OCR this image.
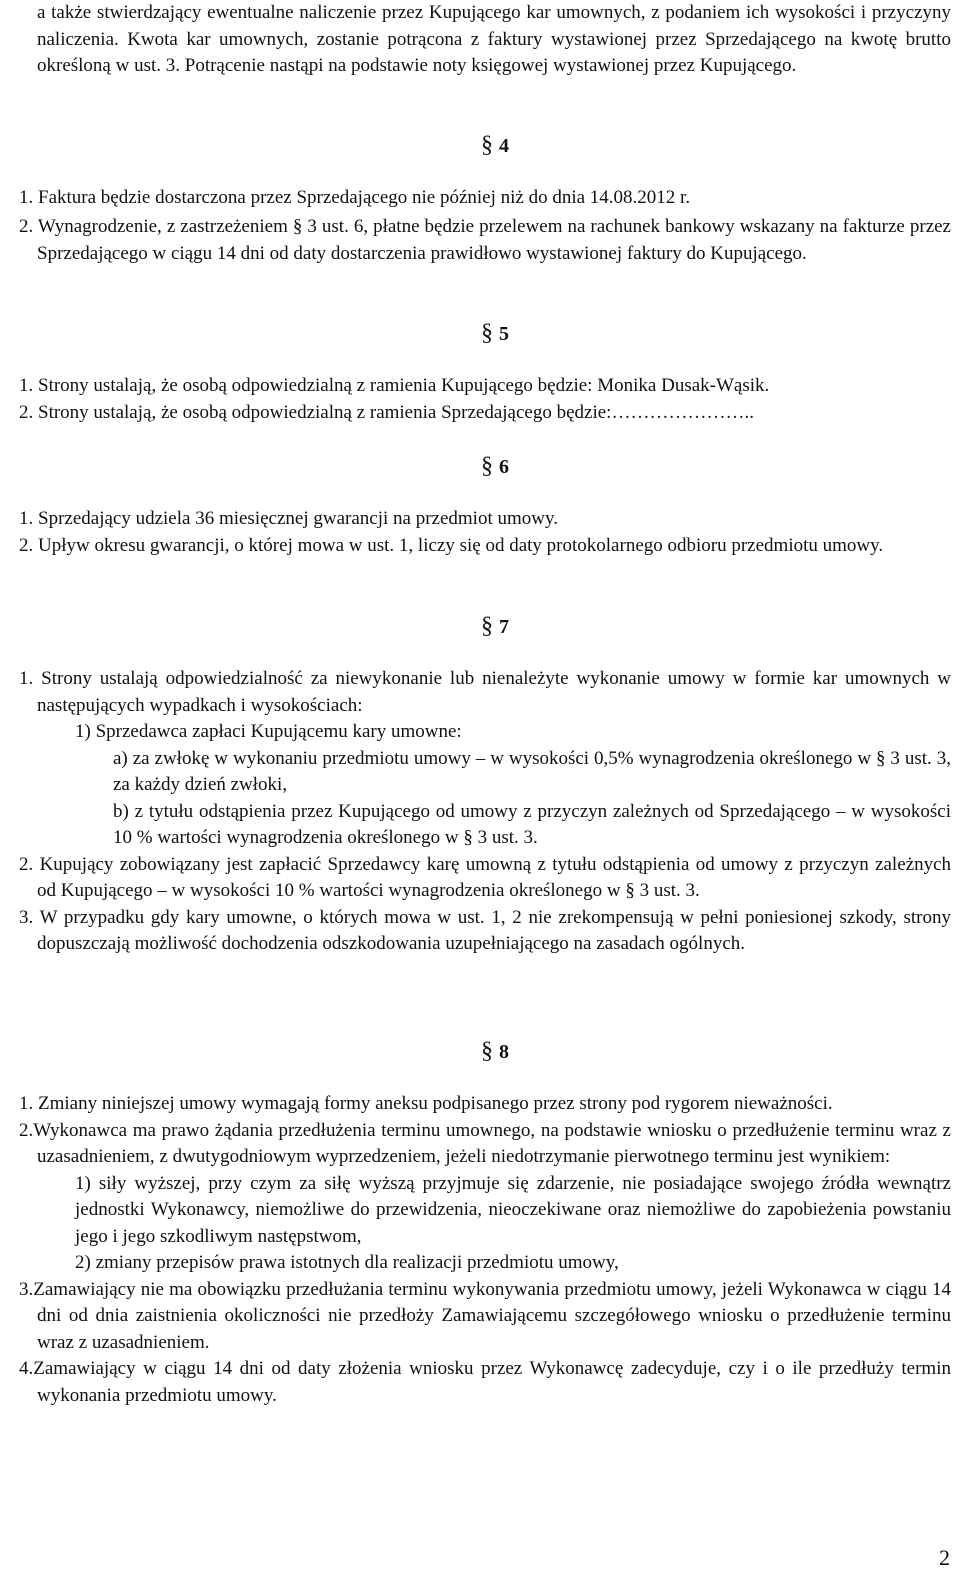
a także stwierdzający ewentualne naliczenie przez Kupującego kar umownych, z podaniem ich wysokości i przyczyny naliczenia. Kwota kar umownych, zostanie potrącona z faktury wystawionej przez Sprzedającego na kwotę brutto określoną w ust. 3. Potrącenie nastąpi na podstawie noty księgowej wystawionej przez Kupującego.

§ 4

1. Faktura będzie dostarczona przez Sprzedającego nie później niż do dnia 14.08.2012 r.

2. Wynagrodzenie, z zastrzeżeniem § 3 ust. 6, płatne będzie przelewem na rachunek bankowy wskazany na fakturze przez Sprzedającego w ciągu 14 dni od daty dostarczenia prawidłowo wystawionej faktury do Kupującego.

§ 5

1. Strony ustalają, że osobą odpowiedzialną z ramienia Kupującego będzie: Monika Dusak-Wąsik.

2. Strony ustalają, że osobą odpowiedzialną z ramienia Sprzedającego będzie:…………………..

§ 6

1. Sprzedający udziela 36 miesięcznej gwarancji na przedmiot umowy.

2. Upływ okresu gwarancji, o której mowa w ust. 1, liczy się od daty protokolarnego odbioru przedmiotu umowy.

§ 7

1. Strony ustalają odpowiedzialność za niewykonanie lub nienależyte wykonanie umowy w formie kar umownych w następujących wypadkach i wysokościach:

1) Sprzedawca zapłaci Kupującemu kary umowne:

a) za zwłokę w wykonaniu przedmiotu umowy – w wysokości 0,5% wynagrodzenia określonego w § 3 ust. 3, za każdy dzień zwłoki,

b) z tytułu odstąpienia przez Kupującego od umowy z przyczyn zależnych od Sprzedającego – w wysokości 10 % wartości wynagrodzenia określonego w § 3 ust. 3.

2. Kupujący zobowiązany jest zapłacić Sprzedawcy karę umowną z tytułu odstąpienia od umowy z przyczyn zależnych od Kupującego – w wysokości 10 % wartości wynagrodzenia określonego w § 3 ust. 3.

3. W przypadku gdy kary umowne, o których mowa w ust. 1, 2 nie zrekompensują w pełni poniesionej szkody, strony dopuszczają możliwość dochodzenia odszkodowania uzupełniającego na zasadach ogólnych.

§ 8

1. Zmiany niniejszej umowy wymagają formy aneksu podpisanego przez strony pod rygorem nieważności.

2.Wykonawca ma prawo żądania przedłużenia terminu umownego, na podstawie wniosku o przedłużenie terminu wraz z uzasadnieniem, z dwutygodniowym wyprzedzeniem, jeżeli niedotrzymanie pierwotnego terminu jest wynikiem:

1) siły wyższej, przy czym za siłę wyższą przyjmuje się zdarzenie, nie posiadające swojego źródła wewnątrz jednostki Wykonawcy, niemożliwe do przewidzenia, nieoczekiwane oraz niemożliwe do zapobieżenia powstaniu jego i jego szkodliwym następstwom,

2) zmiany przepisów prawa istotnych dla realizacji przedmiotu umowy,

3.Zamawiający nie ma obowiązku przedłużania terminu wykonywania przedmiotu umowy, jeżeli Wykonawca w ciągu 14 dni od dnia zaistnienia okoliczności nie przedłoży Zamawiającemu szczegółowego wniosku o przedłużenie terminu wraz z uzasadnieniem.

4.Zamawiający w ciągu 14 dni od daty złożenia wniosku przez Wykonawcę zadecyduje, czy i o ile przedłuży termin wykonania przedmiotu umowy.

2
